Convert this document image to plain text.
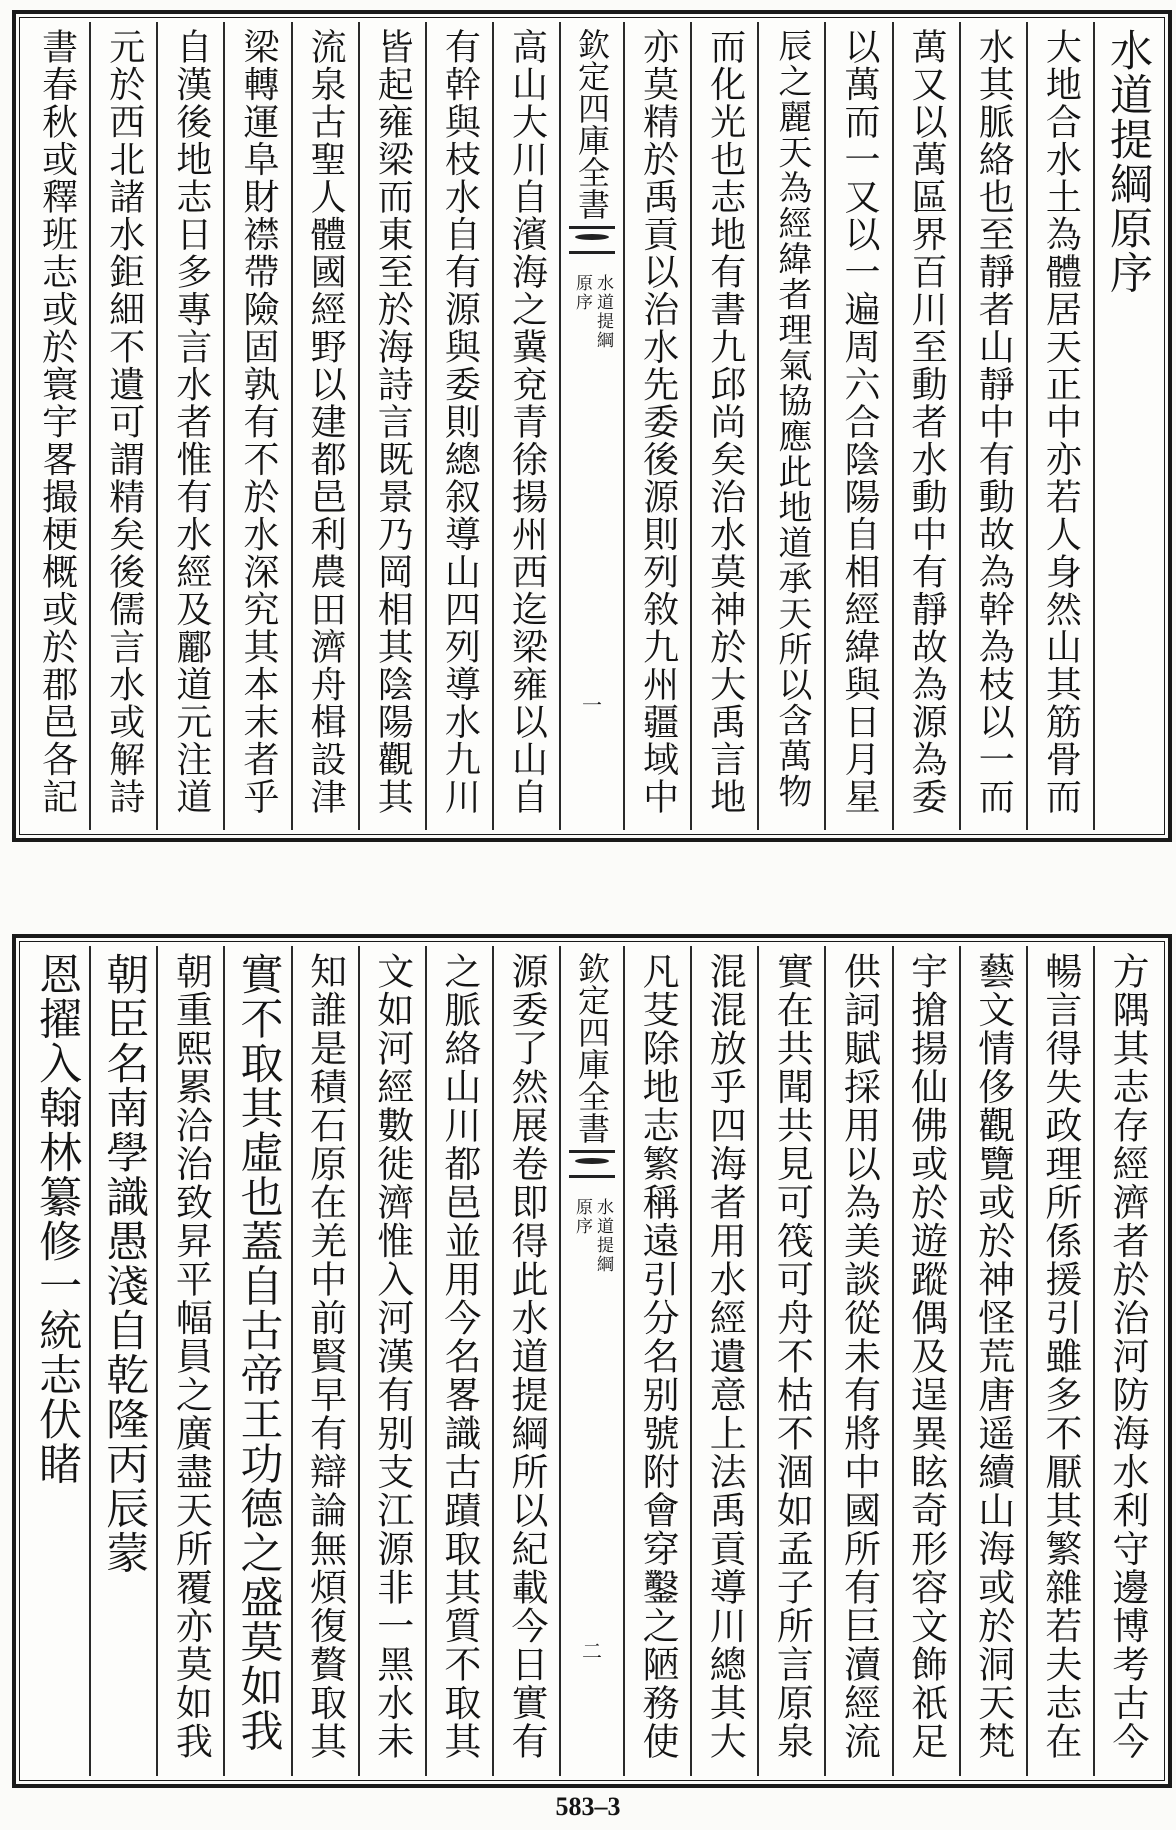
水道提綱原序
大地合水土為體居天正中亦若人身然山其筋骨而
水其脈絡也至靜者山靜中有動故為幹為枝以一而
萬又以萬區界百川至動者水動中有靜故為源為委
以萬而一又以一遍周六合陰陽自相經緯與日月星
辰之麗天為經緯者理氣協應此地道承天所以含萬物
而化光也志地有書九邱尚矣治水莫神於大禹言地
亦莫精於禹貢以治水先委後源則列敘九州疆域中
欽定四庫全書
水道提綱
原序
一
高山大川自濱海之冀兗青徐揚州西迄梁雍以山自
有幹與枝水自有源與委則總叙導山四列導水九川
皆起雍梁而東至於海詩言既景乃岡相其陰陽觀其
流泉古聖人體國經野以建都邑利農田濟舟楫設津
梁轉運阜財襟帶險固孰有不於水深究其本末者乎
自漢後地志日多專言水者惟有水經及酈道元注道
元於西北諸水鉅細不遺可謂精矣後儒言水或解詩
書春秋或釋班志或於寰宇畧撮梗概或於郡邑各記
方隅其志存經濟者於治河防海水利守邊博考古今
暢言得失政理所係援引雖多不厭其繁雜若夫志在
藝文情侈觀覽或於神怪荒唐遥續山海或於洞天梵
宇搶揚仙佛或於遊蹤偶及逞異眩奇形容文飾祇足
供詞賦採用以為美談從未有將中國所有巨瀆經流
實在共聞共見可筏可舟不枯不涸如孟子所言原泉
混混放乎四海者用水經遺意上法禹貢導川總其大
凡芟除地志繁稱遠引分名别號附會穿鑿之陋務使
欽定四庫全書
水道提綱
原序
二
源委了然展卷即得此水道提綱所以紀載今日實有
之脈絡山川都邑並用今名畧識古蹟取其質不取其
文如河經數徙濟惟入河漢有别支江源非一黑水未
知誰是積石原在羌中前賢早有辯論無煩復贅取其
實不取其虛也蓋自古帝王功德之盛莫如我
朝重熙累洽治致昇平幅員之廣盡天所覆亦莫如我
朝臣名南學識愚淺自乾隆丙辰蒙
恩擢入翰林纂修一統志伏睹
583–3
